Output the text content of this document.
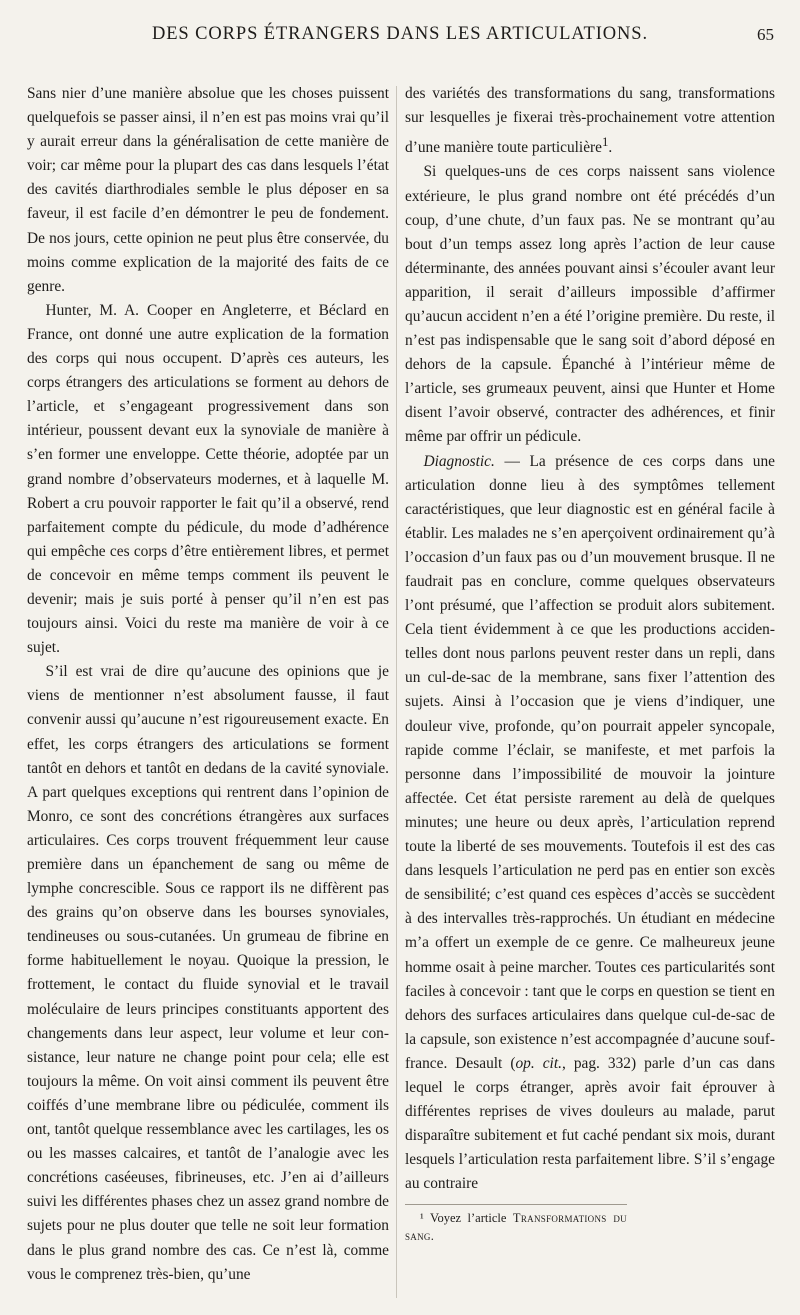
DES CORPS ÉTRANGERS DANS LES ARTICULATIONS.	65

Sans nier d’une manière absolue que les choses puissent quelquefois se passer ainsi, il n’en est pas moins vrai qu’il y aurait erreur dans la généralisation de cette manière de voir; car même pour la plupart des cas dans lesquels l’état des cavités diarthrodiales semble le plus déposer en sa faveur, il est facile d’en démontrer le peu de fondement. De nos jours, cette opinion ne peut plus être conservée, du moins comme explication de la majorité des faits de ce genre.

Hunter, M. A. Cooper en Angleterre, et Béclard en France, ont donné une autre explication de la formation des corps qui nous occupent. D’après ces auteurs, les corps étrangers des articulations se forment au dehors de l’article, et s’engageant progressivement dans son intérieur, poussent devant eux la synoviale de manière à s’en former une enveloppe. Cette théorie, adoptée par un grand nombre d’observateurs modernes, et à laquelle M. Robert a cru pouvoir rapporter le fait qu’il a observé, rend parfaitement compte du pédicule, du mode d’adhérence qui empêche ces corps d’être entièrement libres, et permet de concevoir en même temps comment ils peuvent le devenir; mais je suis porté à penser qu’il n’en est pas toujours ainsi. Voici du reste ma manière de voir à ce sujet.

S’il est vrai de dire qu’aucune des opinions que je viens de mentionner n’est absolument fausse, il faut convenir aussi qu’aucune n’est rigoureusement exacte. En effet, les corps étrangers des articulations se forment tantôt en dehors et tantôt en dedans de la cavité synoviale. A part quelques exceptions qui rentrent dans l’opinion de Monro, ce sont des concrétions étrangères aux surfaces articulaires. Ces corps trouvent fréquemment leur cause première dans un épanchement de sang ou même de lymphe concrescible. Sous ce rapport ils ne diffèrent pas des grains qu’on observe dans les bourses synoviales, tendineuses ou sous-cutanées. Un grumeau de fibrine en forme habituellement le noyau. Quoique la pression, le frottement, le contact du fluide synovial et le travail moléculaire de leurs principes constituants apportent des changements dans leur aspect, leur volume et leur consistance, leur nature ne change point pour cela; elle est toujours la même. On voit ainsi comment ils peuvent être coiffés d’une membrane libre ou pédiculée, comment ils ont, tantôt quelque ressemblance avec les cartilages, les os ou les masses calcaires, et tantôt de l’analogie avec les concrétions caséeuses, fibrineuses, etc. J’en ai d’ailleurs suivi les différentes phases chez un assez grand nombre de sujets pour ne plus douter que telle ne soit leur formation dans le plus grand nombre des cas. Ce n’est là, comme vous le comprenez très-bien, qu’une

des variétés des transformations du sang, transformations sur lesquelles je fixerai très-prochainement votre attention d’une manière toute particulière$^1$.

Si quelques-uns de ces corps naissent sans violence extérieure, le plus grand nombre ont été précédés d’un coup, d’une chute, d’un faux pas. Ne se montrant qu’au bout d’un temps assez long après l’action de leur cause déterminante, des années pouvant ainsi s’écouler avant leur apparition, il serait d’ailleurs impossible d’affirmer qu’aucun accident n’en a été l’origine première. Du reste, il n’est pas indispensable que le sang soit d’abord déposé en dehors de la capsule. Épanché à l’intérieur même de l’article, ses grumeaux peuvent, ainsi que Hunter et Home disent l’avoir observé, contracter des adhérences, et finir même par offrir un pédicule.

Diagnostic. — La présence de ces corps dans une articulation donne lieu à des symptômes tellement caractéristiques, que leur diagnostic est en général facile à établir. Les malades ne s’en aperçoivent ordinairement qu’à l’occasion d’un faux pas ou d’un mouvement brusque. Il ne faudrait pas en conclure, comme quelques observateurs l’ont présumé, que l’affection se produit alors subitement. Cela tient évidemment à ce que les productions accidentelles dont nous parlons peuvent rester dans un repli, dans un cul-de-sac de la membrane, sans fixer l’attention des sujets. Ainsi à l’occasion que je viens d’indiquer, une douleur vive, profonde, qu’on pourrait appeler syncopale, rapide comme l’éclair, se manifeste, et met parfois la personne dans l’impossibilité de mouvoir la jointure affectée. Cet état persiste rarement au delà de quelques minutes; une heure ou deux après, l’articulation reprend toute la liberté de ses mouvements. Toutefois il est des cas dans lesquels l’articulation ne perd pas en entier son excès de sensibilité; c’est quand ces espèces d’accès se succèdent à des intervalles très-rapprochés. Un étudiant en médecine m’a offert un exemple de ce genre. Ce malheureux jeune homme osait à peine marcher. Toutes ces particularités sont faciles à concevoir : tant que le corps en question se tient en dehors des surfaces articulaires dans quelque cul-de-sac de la capsule, son existence n’est accompagnée d’aucune souffrance. Desault (op. cit., pag. 332) parle d’un cas dans lequel le corps étranger, après avoir fait éprouver à différentes reprises de vives douleurs au malade, parut disparaître subitement et fut caché pendant six mois, durant lesquels l’articulation resta parfaitement libre. S’il s’engage au contraire

¹ Voyez l’article Transformations du sang.
